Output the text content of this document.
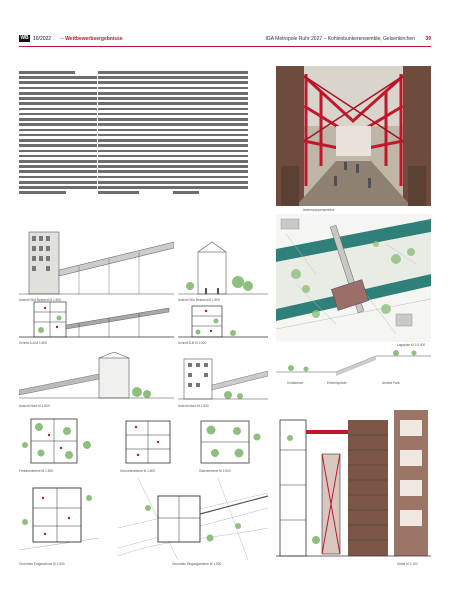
WB 10/2022 – Wettbewerbsergebnisse	IGA Metropole Ruhr 2027 – Kohlenbunkerensemble, Gelsenkirchen 39
Innenraumperspektive
Lageplan M 1:5.000
Ansicht Süd Bestand M 1:500	Ansicht Süd Bestand M 1:500
Schnitt A-A M 1:500	Schnitt B-B M 1:500
Kontaktrum	Erlebnispfade	Umfeld Park
Ansicht Nord M 1:500	Ansicht Nord M 1:500
Freiraumebene M 1:500	Grundrissebene M 1:500	Galerieebene M 1:500
Grundriss Erdgeschoss M 1:500	Grundriss Eingangsebene M 1:500	Detail M 1:100
